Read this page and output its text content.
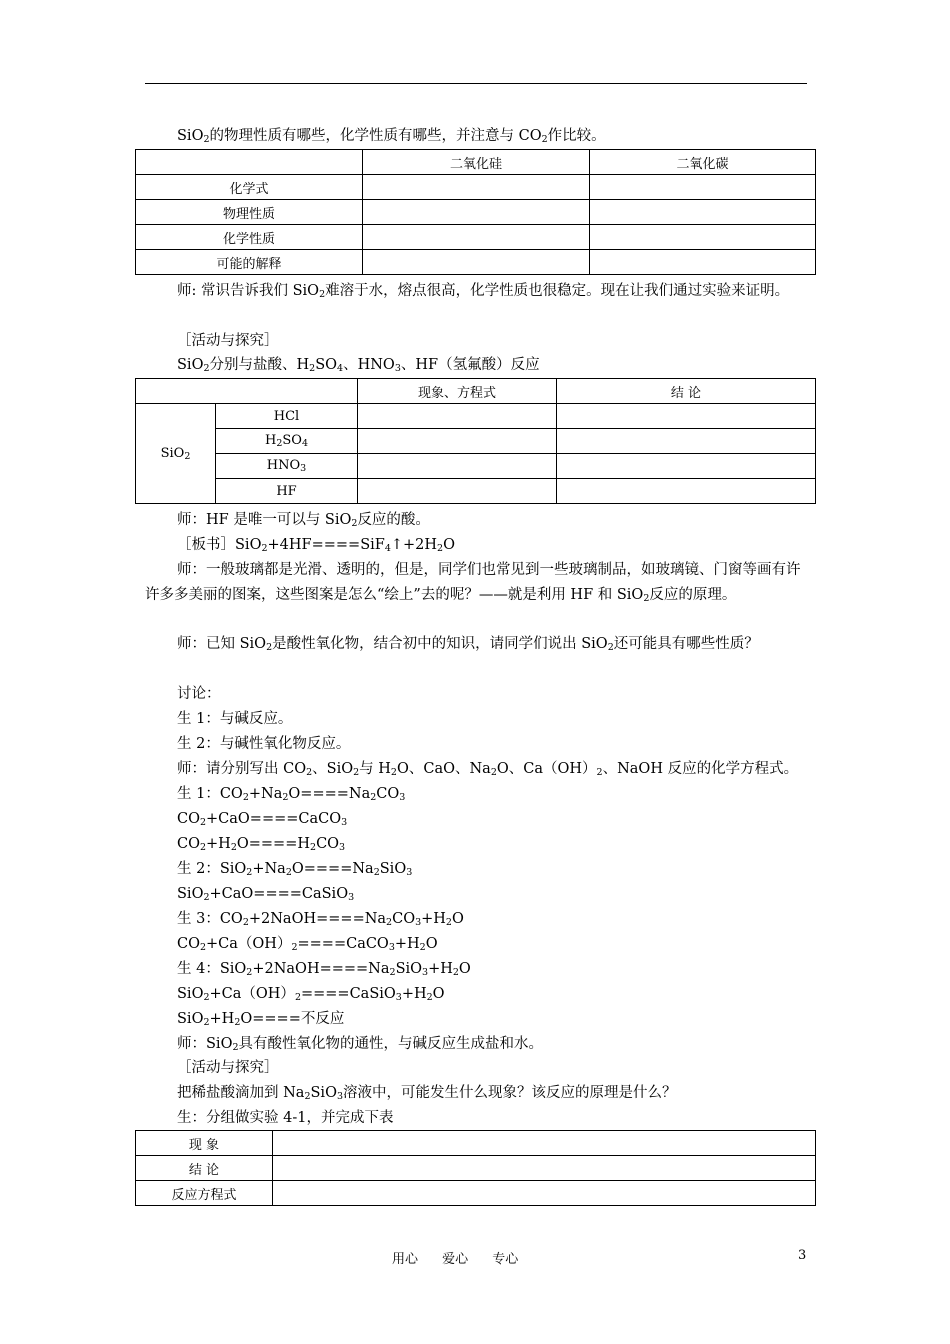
SiO2的物理性质有哪些，化学性质有哪些，并注意与 CO2作比较。
	二氧化硅	二氧化碳
化学式		
物理性质		
化学性质		
可能的解释		
师: 常识告诉我们 SiO2难溶于水，熔点很高，化学性质也很稳定。现在让我们通过实验来证明。
［活动与探究］
SiO2分别与盐酸、H2SO4、HNO3、HF（氢氟酸）反应
		现象、方程式	结 论
SiO2	HCl		
	H2SO4		
	HNO3		
	HF		
师：HF 是唯一可以与 SiO2反应的酸。
［板书］SiO2+4HF====SiF4↑+2H2O
师：一般玻璃都是光滑、透明的，但是，同学们也常见到一些玻璃制品，如玻璃镜、门窗等画有许许多多美丽的图案，这些图案是怎么“绘上”去的呢？——就是利用 HF 和 SiO2反应的原理。
师：已知 SiO2是酸性氧化物，结合初中的知识，请同学们说出 SiO2还可能具有哪些性质？
讨论：
生 1：与碱反应。
生 2：与碱性氧化物反应。
师：请分别写出 CO2、SiO2与 H2O、CaO、Na2O、Ca（OH）2、NaOH 反应的化学方程式。
生 1：CO2+Na2O====Na2CO3
CO2+CaO====CaCO3
CO2+H2O====H2CO3
生 2：SiO2+Na2O====Na2SiO3
SiO2+CaO====CaSiO3
生 3：CO2+2NaOH====Na2CO3+H2O
CO2+Ca（OH）2====CaCO3+H2O
生 4：SiO2+2NaOH====Na2SiO3+H2O
SiO2+Ca（OH）2====CaSiO3+H2O
SiO2+H2O====不反应
师：SiO2具有酸性氧化物的通性，与碱反应生成盐和水。
［活动与探究］
把稀盐酸滴加到 Na2SiO3溶液中，可能发生什么现象？该反应的原理是什么？
生：分组做实验 4-1，并完成下表
现 象	
结 论	
反应方程式	
用心 爱心 专心	3
